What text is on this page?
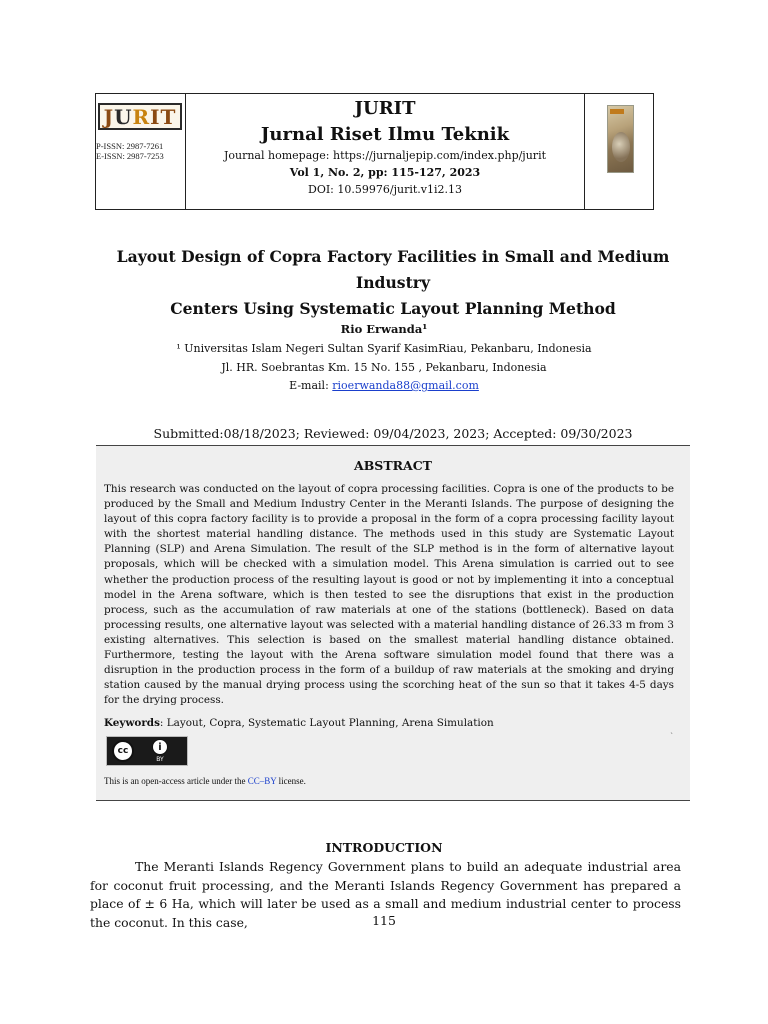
J U R IT
P-ISSN: 2987-7261
E-ISSN: 2987-7253
JURIT
Jurnal Riset Ilmu Teknik
Journal homepage: https://jurnaljepip.com/index.php/jurit
Vol 1, No. 2, pp: 115-127, 2023
DOI: 10.59976/jurit.v1i2.13
Layout Design of Copra Factory Facilities in Small and Medium Industry
Centers Using Systematic Layout Planning Method
Rio Erwanda¹
¹ Universitas Islam Negeri Sultan Syarif KasimRiau, Pekanbaru, Indonesia
Jl. HR. Soebrantas Km. 15 No. 155 , Pekanbaru, Indonesia
E-mail: rioerwanda88@gmail.com
Submitted:08/18/2023; Reviewed: 09/04/2023, 2023; Accepted: 09/30/2023
ABSTRACT
This research was conducted on the layout of copra processing facilities. Copra is one of the products to be produced by the Small and Medium Industry Center in the Meranti Islands. The purpose of designing the layout of this copra factory facility is to provide a proposal in the form of a copra processing facility layout with the shortest material handling distance. The methods used in this study are Systematic Layout Planning (SLP) and Arena Simulation. The result of the SLP method is in the form of alternative layout proposals, which will be checked with a simulation model. This Arena simulation is carried out to see whether the production process of the resulting layout is good or not by implementing it into a conceptual model in the Arena software, which is then tested to see the disruptions that exist in the production process, such as the accumulation of raw materials at one of the stations (bottleneck). Based on data processing results, one alternative layout was selected with a material handling distance of 26.33 m from 3 existing alternatives. This selection is based on the smallest material handling distance obtained. Furthermore, testing the layout with the Arena software simulation model found that there was a disruption in the production process in the form of a buildup of raw materials at the smoking and drying station caused by the manual drying process using the scorching heat of the sun so that it takes 4-5 days for the drying process.
Keywords: Layout, Copra, Systematic Layout Planning, Arena Simulation
`
cc	i
BY
This is an open-access article under the CC–BY license.
INTRODUCTION
The Meranti Islands Regency Government plans to build an adequate industrial area for coconut fruit processing, and the Meranti Islands Regency Government has prepared a place of ± 6 Ha, which will later be used as a small and medium industrial center to process the coconut. In this case,	115
